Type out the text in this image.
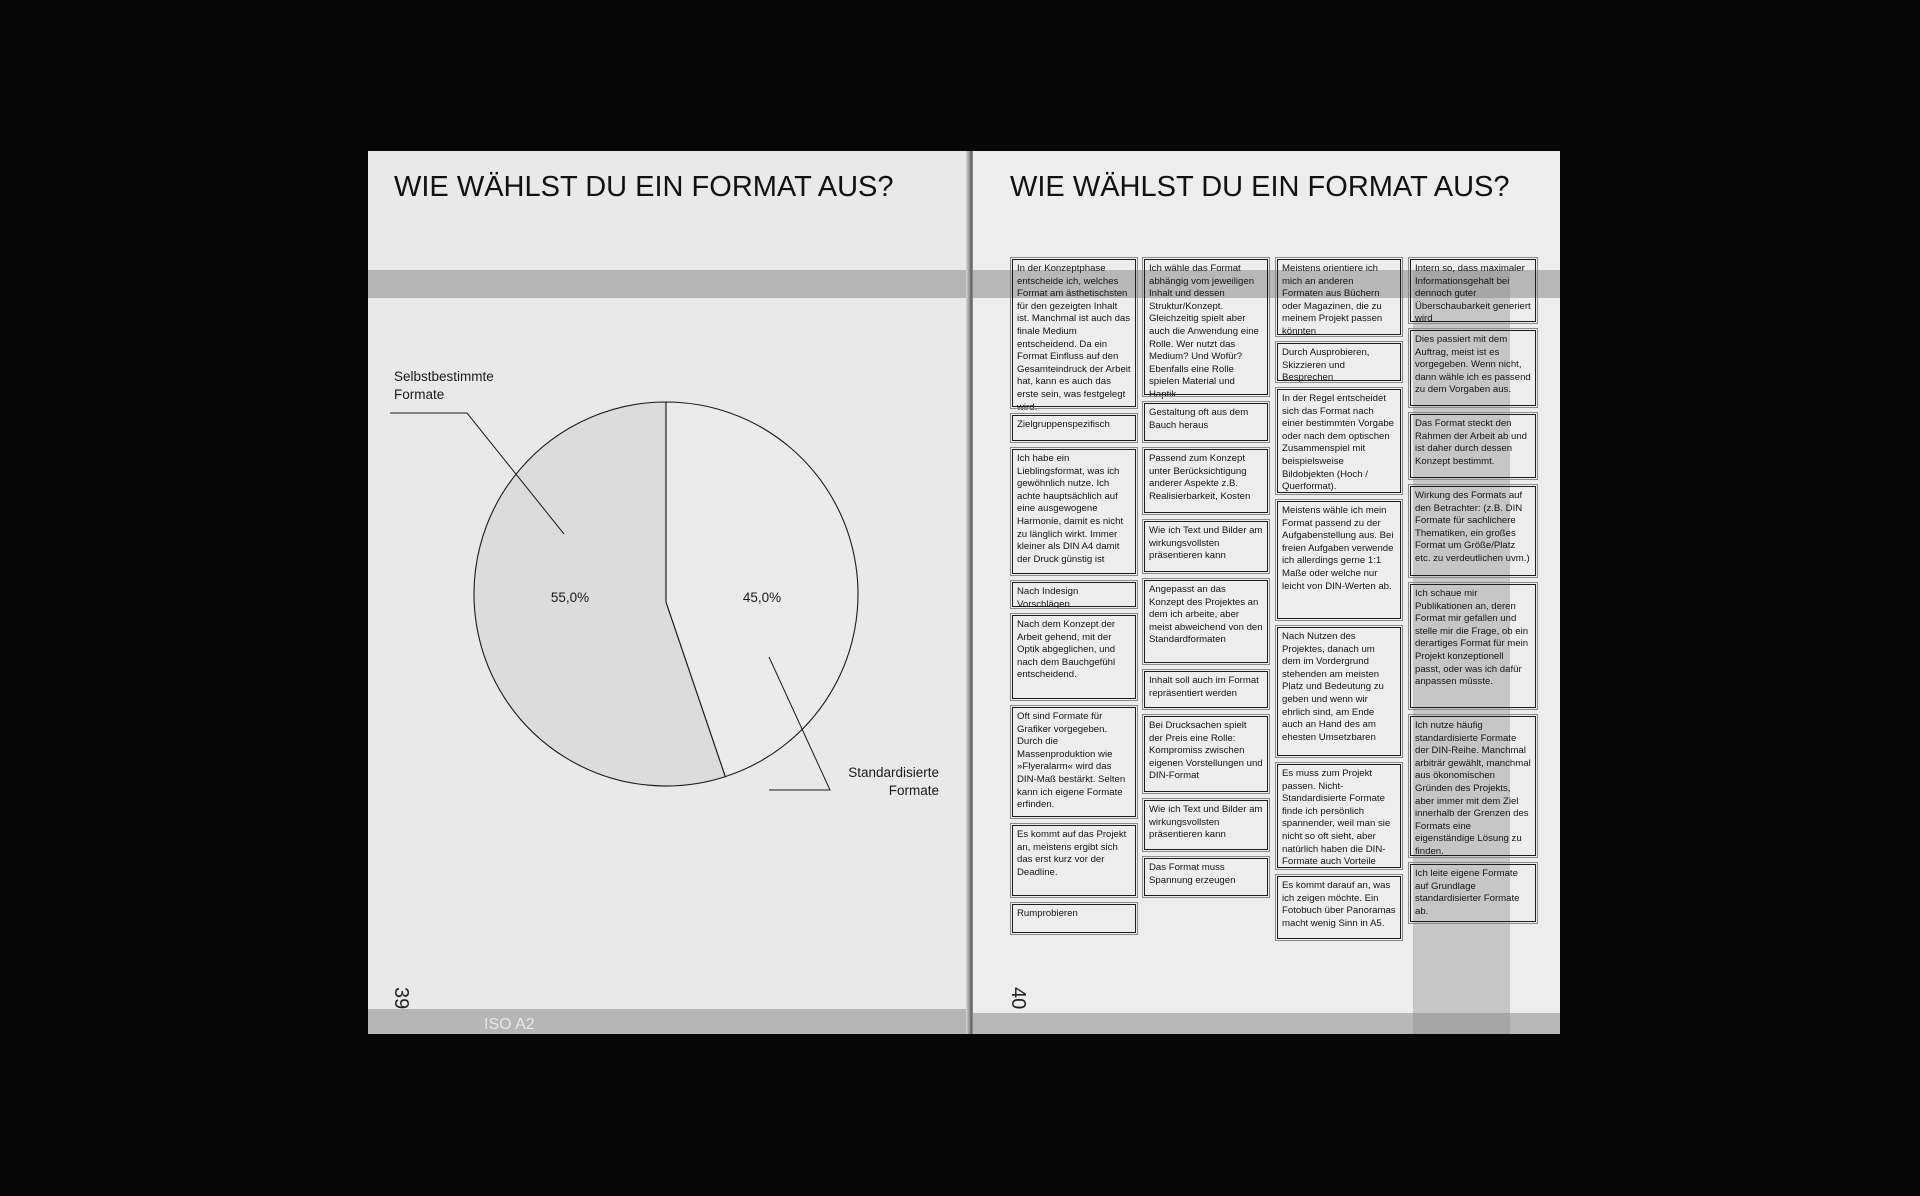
WIE WÄHLST DU EIN FORMAT AUS?
Selbstbestimmte
Formate
Standardisierte
Formate
55,0%	45,0%
39
ISO A2
WIE WÄHLST DU EIN FORMAT AUS?
In der Konzeptphase entscheide ich, welches Format am ästhetischsten für den gezeigten Inhalt ist. Manchmal ist auch das finale Medium entscheidend. Da ein Format Einfluss auf den Gesamteindruck der Arbeit hat, kann es auch das erste sein, was festgelegt wird.
Zielgruppenspezifisch
Ich habe ein Lieblingsformat, was ich gewöhnlich nutze. Ich achte hauptsächlich auf eine ausgewogene Harmonie, damit es nicht zu länglich wirkt. Immer kleiner als DIN A4 damit der Druck günstig ist
Nach Indesign Vorschlägen
Nach dem Konzept der Arbeit gehend, mit der Optik abgeglichen, und nach dem Bauchgefühl entscheidend.
Oft sind Formate für Grafiker vorgegeben. Durch die Massenproduktion wie »Flyeralarm« wird das DIN-Maß bestärkt. Selten kann ich eigene Formate erfinden.
Es kommt auf das Projekt an, meistens ergibt sich das erst kurz vor der Deadline.
Rumprobieren
Ich wähle das Format abhängig vom jeweiligen Inhalt und dessen Struktur/Konzept. Gleichzeitig spielt aber auch die Anwendung eine Rolle. Wer nutzt das Medium? Und Wofür? Ebenfalls eine Rolle spielen Material und Haptik.
Gestaltung oft aus dem Bauch heraus
Passend zum Konzept unter Berücksichtigung anderer Aspekte z.B. Realisierbarkeit, Kosten
Wie ich Text und Bilder am wirkungsvollsten präsentieren kann
Angepasst an das Konzept des Projektes an dem ich arbeite, aber meist abweichend von den Standardformaten
Inhalt soll auch im Format repräsentiert werden
Bei Drucksachen spielt der Preis eine Rolle: Kompromiss zwischen eigenen Vorstellungen und DIN-Format
Wie ich Text und Bilder am wirkungsvollsten präsentieren kann
Das Format muss Spannung erzeugen
Meistens orientiere ich mich an anderen Formaten aus Büchern oder Magazinen, die zu meinem Projekt passen könnten
Durch Ausprobieren, Skizzieren und Besprechen
In der Regel entscheidet sich das Format nach einer bestimmten Vorgabe oder nach dem optischen Zusammenspiel mit beispielsweise Bildobjekten (Hoch / Querformat).
Meistens wähle ich mein Format passend zu der Aufgabenstellung aus. Bei freien Aufgaben verwende ich allerdings gerne 1:1 Maße oder welche nur leicht von DIN-Werten ab.
Nach Nutzen des Projektes, danach um dem im Vordergrund stehenden am meisten Platz und Bedeutung zu geben und wenn wir ehrlich sind, am Ende auch an Hand des am ehesten Umsetzbaren
Es muss zum Projekt passen. Nicht-Standardisierte Formate finde ich persönlich spannender, weil man sie nicht so oft sieht, aber natürlich haben die DIN-Formate auch Vorteile
Es kommt darauf an, was ich zeigen möchte. Ein Fotobuch über Panoramas macht wenig Sinn in A5.
Intern so, dass maximaler Informationsgehalt bei dennoch guter Überschaubarkeit generiert wird
Dies passiert mit dem Auftrag, meist ist es vorgegeben. Wenn nicht, dann wähle ich es passend zu dem Vorgaben aus.
Das Format steckt den Rahmen der Arbeit ab und ist daher durch dessen Konzept bestimmt.
Wirkung des Formats auf den Betrachter: (z.B. DIN Formate für sachlichere Thematiken, ein großes Format um Größe/Platz etc. zu verdeutlichen uvm.)
Ich schaue mir Publikationen an, deren Format mir gefallen und stelle mir die Frage, ob ein derartiges Format für mein Projekt konzeptionell passt, oder was ich dafür anpassen müsste.
Ich nutze häufig standardisierte Formate der DIN-Reihe. Manchmal arbiträr gewählt, manchmal aus ökonomischen Gründen des Projekts, aber immer mit dem Ziel innerhalb der Grenzen des Formats eine eigenständige Lösung zu finden.
Ich leite eigene Formate auf Grundlage standardisierter Formate ab.
40
